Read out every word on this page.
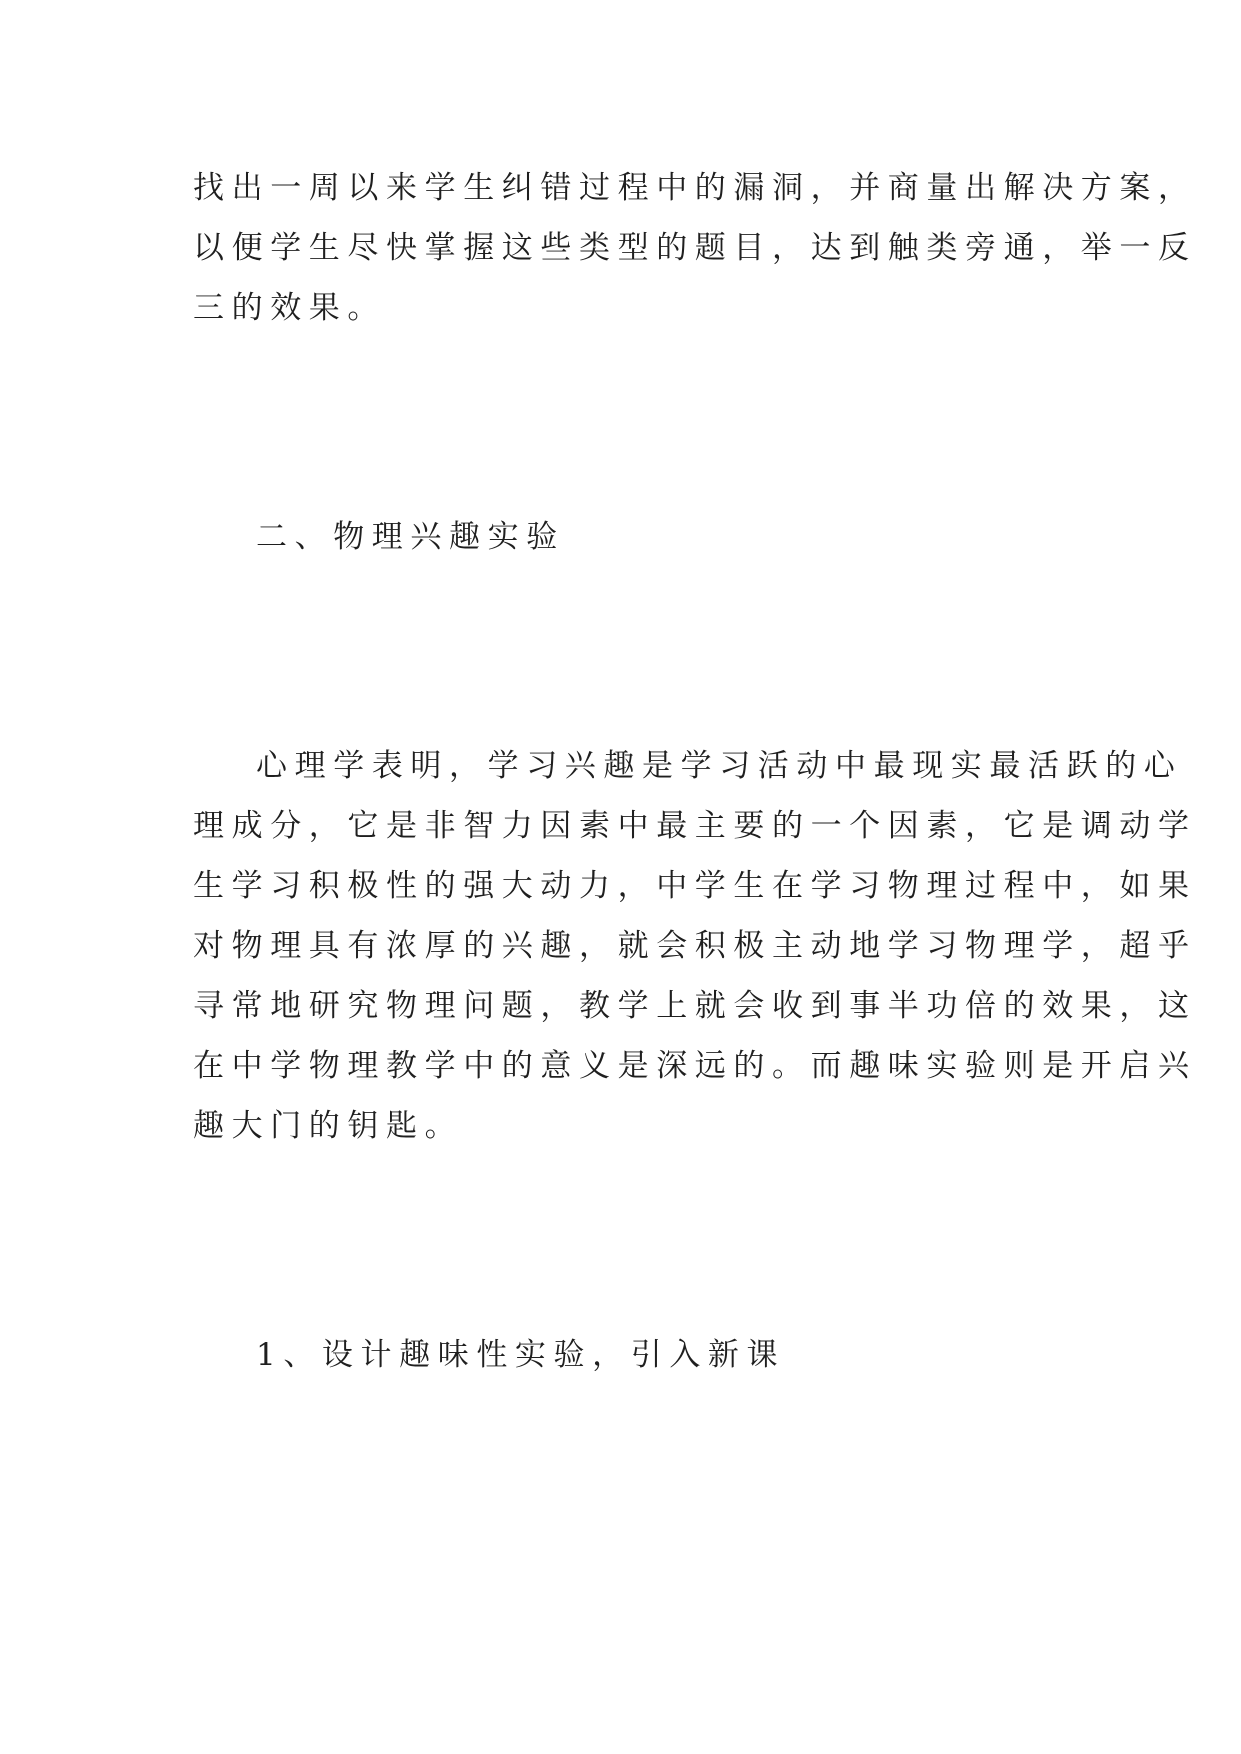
找出一周以来学生纠错过程中的漏洞，并商量出解决方案，
以便学生尽快掌握这些类型的题目，达到触类旁通，举一反
三的效果。
二、物理兴趣实验
心理学表明，学习兴趣是学习活动中最现实最活跃的心
理成分，它是非智力因素中最主要的一个因素，它是调动学
生学习积极性的强大动力，中学生在学习物理过程中，如果
对物理具有浓厚的兴趣，就会积极主动地学习物理学，超乎
寻常地研究物理问题，教学上就会收到事半功倍的效果，这
在中学物理教学中的意义是深远的。而趣味实验则是开启兴
趣大门的钥匙。
1、设计趣味性实验，引入新课
